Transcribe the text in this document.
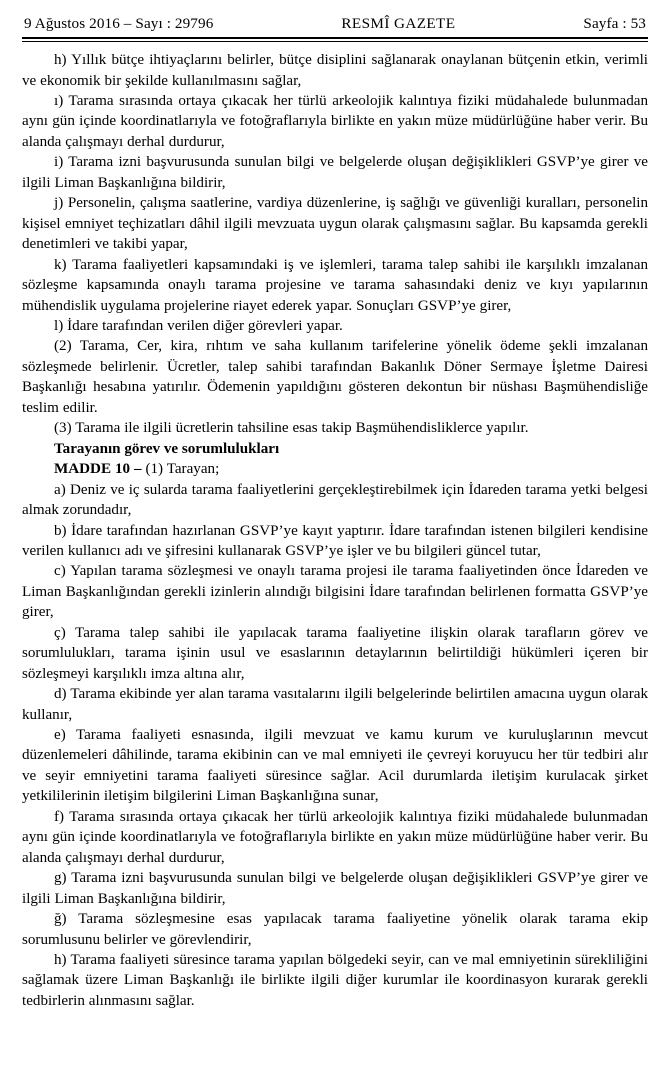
9 Ağustos 2016 – Sayı : 29796	RESMÎ GAZETE	Sayfa : 53

h) Yıllık bütçe ihtiyaçlarını belirler, bütçe disiplini sağlanarak onaylanan bütçenin etkin, verimli ve ekonomik bir şekilde kullanılmasını sağlar,

ı) Tarama sırasında ortaya çıkacak her türlü arkeolojik kalıntıya fiziki müdahalede bulunmadan aynı gün içinde koordinatlarıyla ve fotoğraflarıyla birlikte en yakın müze müdürlüğüne haber verir. Bu alanda çalışmayı derhal durdurur,

i) Tarama izni başvurusunda sunulan bilgi ve belgelerde oluşan değişiklikleri GSVP’ye girer ve ilgili Liman Başkanlığına bildirir,

j) Personelin, çalışma saatlerine, vardiya düzenlerine, iş sağlığı ve güvenliği kuralları, personelin kişisel emniyet teçhizatları dâhil ilgili mevzuata uygun olarak çalışmasını sağlar. Bu kapsamda gerekli denetimleri ve takibi yapar,

k) Tarama faaliyetleri kapsamındaki iş ve işlemleri, tarama talep sahibi ile karşılıklı imzalanan sözleşme kapsamında onaylı tarama projesine ve tarama sahasındaki deniz ve kıyı yapılarının mühendislik uygulama projelerine riayet ederek yapar. Sonuçları GSVP’ye girer,

l) İdare tarafından verilen diğer görevleri yapar.

(2) Tarama, Cer, kira, rıhtım ve saha kullanım tarifelerine yönelik ödeme şekli imzalanan sözleşmede belirlenir. Ücretler, talep sahibi tarafından Bakanlık Döner Sermaye İşletme Dairesi Başkanlığı hesabına yatırılır. Ödemenin yapıldığını gösteren dekontun bir nüshası Başmühendisliğe teslim edilir.

(3) Tarama ile ilgili ücretlerin tahsiline esas takip Başmühendisliklerce yapılır.

Tarayanın görev ve sorumlulukları

MADDE 10 – (1) Tarayan;

a) Deniz ve iç sularda tarama faaliyetlerini gerçekleştirebilmek için İdareden tarama yetki belgesi almak zorundadır,

b) İdare tarafından hazırlanan GSVP’ye kayıt yaptırır. İdare tarafından istenen bilgileri kendisine verilen kullanıcı adı ve şifresini kullanarak GSVP’ye işler ve bu bilgileri güncel tutar,

c) Yapılan tarama sözleşmesi ve onaylı tarama projesi ile tarama faaliyetinden önce İdareden ve Liman Başkanlığından gerekli izinlerin alındığı bilgisini İdare tarafından belirlenen formatta GSVP’ye girer,

ç) Tarama talep sahibi ile yapılacak tarama faaliyetine ilişkin olarak tarafların görev ve sorumlulukları, tarama işinin usul ve esaslarının detaylarının belirtildiği hükümleri içeren bir sözleşmeyi karşılıklı imza altına alır,

d) Tarama ekibinde yer alan tarama vasıtalarını ilgili belgelerinde belirtilen amacına uygun olarak kullanır,

e) Tarama faaliyeti esnasında, ilgili mevzuat ve kamu kurum ve kuruluşlarının mevcut düzenlemeleri dâhilinde, tarama ekibinin can ve mal emniyeti ile çevreyi koruyucu her tür tedbiri alır ve seyir emniyetini tarama faaliyeti süresince sağlar. Acil durumlarda iletişim kurulacak şirket yetkililerinin iletişim bilgilerini Liman Başkanlığına sunar,

f) Tarama sırasında ortaya çıkacak her türlü arkeolojik kalıntıya fiziki müdahalede bulunmadan aynı gün içinde koordinatlarıyla ve fotoğraflarıyla birlikte en yakın müze müdürlüğüne haber verir. Bu alanda çalışmayı derhal durdurur,

g) Tarama izni başvurusunda sunulan bilgi ve belgelerde oluşan değişiklikleri GSVP’ye girer ve ilgili Liman Başkanlığına bildirir,

ğ) Tarama sözleşmesine esas yapılacak tarama faaliyetine yönelik olarak tarama ekip sorumlusunu belirler ve görevlendirir,

h) Tarama faaliyeti süresince tarama yapılan bölgedeki seyir, can ve mal emniyetinin sürekliliğini sağlamak üzere Liman Başkanlığı ile birlikte ilgili diğer kurumlar ile koordinasyon kurarak gerekli tedbirlerin alınmasını sağlar.
